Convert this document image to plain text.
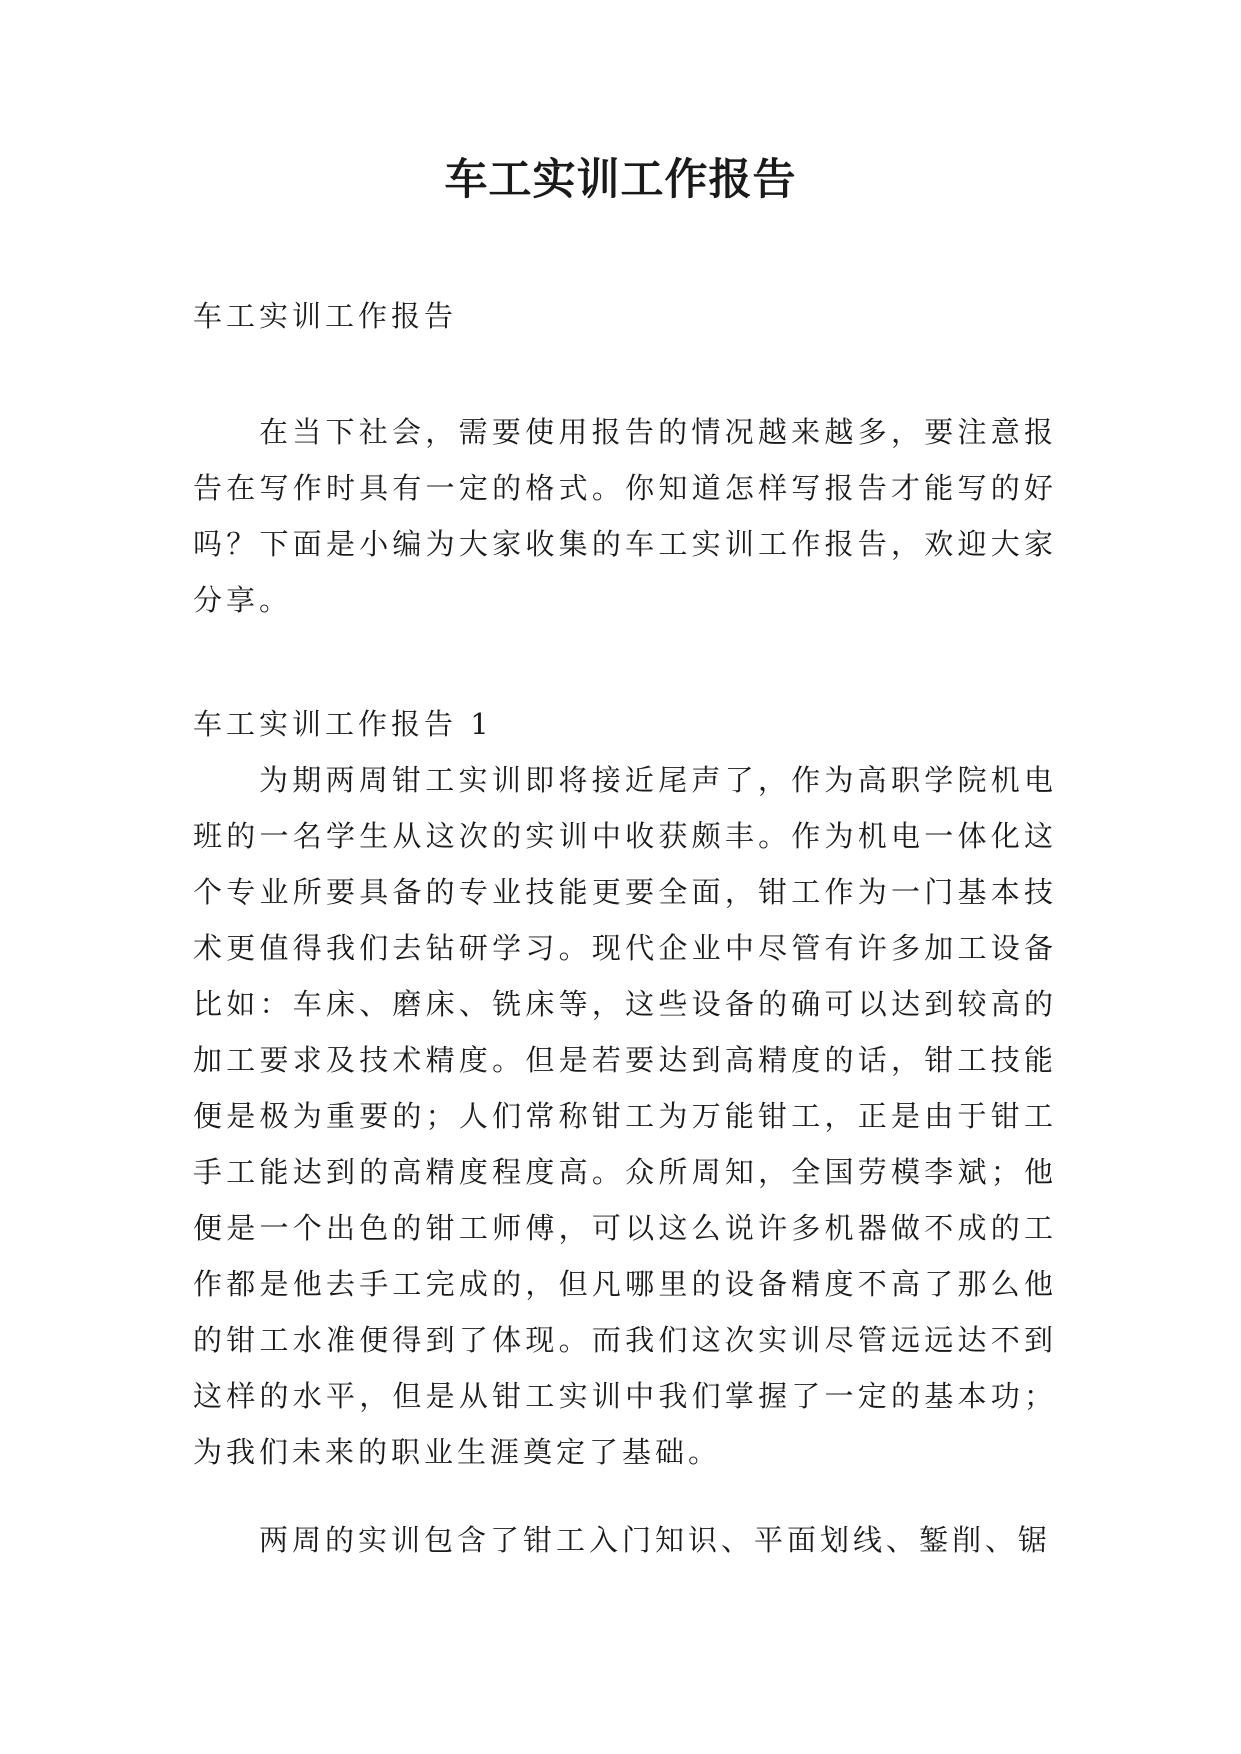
车工实训工作报告

车工实训工作报告

在当下社会，需要使用报告的情况越来越多，要注意报告在写作时具有一定的格式。你知道怎样写报告才能写的好吗？下面是小编为大家收集的车工实训工作报告，欢迎大家分享。

车工实训工作报告 1

为期两周钳工实训即将接近尾声了，作为高职学院机电班的一名学生从这次的实训中收获颇丰。作为机电一体化这个专业所要具备的专业技能更要全面，钳工作为一门基本技术更值得我们去钻研学习。现代企业中尽管有许多加工设备比如：车床、磨床、铣床等，这些设备的确可以达到较高的加工要求及技术精度。但是若要达到高精度的话，钳工技能便是极为重要的；人们常称钳工为万能钳工，正是由于钳工手工能达到的高精度程度高。众所周知，全国劳模李斌；他便是一个出色的钳工师傅，可以这么说许多机器做不成的工作都是他去手工完成的，但凡哪里的设备精度不高了那么他的钳工水准便得到了体现。而我们这次实训尽管远远达不到这样的水平，但是从钳工实训中我们掌握了一定的基本功；为我们未来的职业生涯奠定了基础。

两周的实训包含了钳工入门知识、平面划线、錾削、锯
